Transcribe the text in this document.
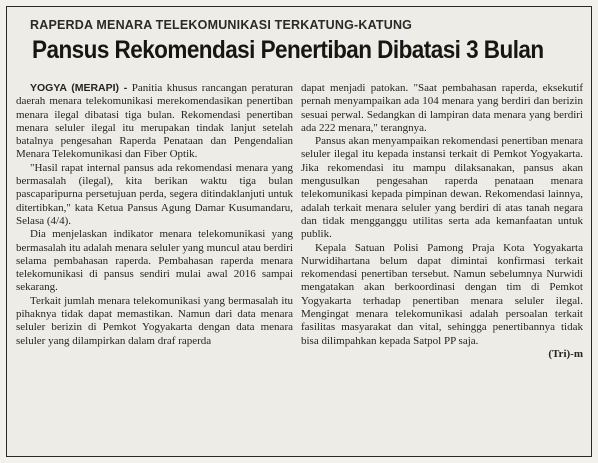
RAPERDA MENARA TELEKOMUNIKASI TERKATUNG-KATUNG
Pansus Rekomendasi Penertiban Dibatasi 3 Bulan

YOGYA (MERAPI) - Panitia khusus rancangan peraturan daerah menara telekomunikasi merekomendasikan penertiban menara ilegal dibatasi tiga bulan. Rekomendasi penertiban menara seluler ilegal itu merupakan tindak lanjut setelah batalnya pengesahan Raperda Penataan dan Pengendalian Menara Telekomunikasi dan Fiber Optik.

"Hasil rapat internal pansus ada rekomendasi menara yang bermasalah (ilegal), kita berikan waktu tiga bulan pascaparipurna persetujuan perda, segera ditindaklanjuti untuk ditertibkan," kata Ketua Pansus Agung Damar Kusumandaru, Selasa (4/4).

Dia menjelaskan indikator menara telekomunikasi yang bermasalah itu adalah menara seluler yang muncul atau berdiri selama pembahasan raperda. Pembahasan raperda menara telekomunikasi di pansus sendiri mulai awal 2016 sampai sekarang.

Terkait jumlah menara telekomunikasi yang bermasalah itu pihaknya tidak dapat memastikan. Namun dari data menara seluler berizin di Pemkot Yogyakarta dengan data menara seluler yang dilampirkan dalam draf raperda

dapat menjadi patokan. "Saat pembahasan raperda, eksekutif pernah menyampaikan ada 104 menara yang berdiri dan berizin sesuai perwal. Sedangkan di lampiran data menara yang berdiri ada 222 menara," terangnya.

Pansus akan menyampaikan rekomendasi penertiban menara seluler ilegal itu kepada instansi terkait di Pemkot Yogyakarta. Jika rekomendasi itu mampu dilaksanakan, pansus akan mengusulkan pengesahan raperda penataan menara telekomunikasi kepada pimpinan dewan. Rekomendasi lainnya, adalah terkait menara seluler yang berdiri di atas tanah negara dan tidak mengganggu utilitas serta ada kemanfaatan untuk publik.

Kepala Satuan Polisi Pamong Praja Kota Yogyakarta Nurwidihartana belum dapat dimintai konfirmasi terkait rekomendasi penertiban tersebut. Namun sebelumnya Nurwidi mengatakan akan berkoordinasi dengan tim di Pemkot Yogyakarta terhadap penertiban menara seluler ilegal. Mengingat menara telekomunikasi adalah persoalan terkait fasilitas masyarakat dan vital, sehingga penertibannya tidak bisa dilimpahkan kepada Satpol PP saja.

(Tri)-m
